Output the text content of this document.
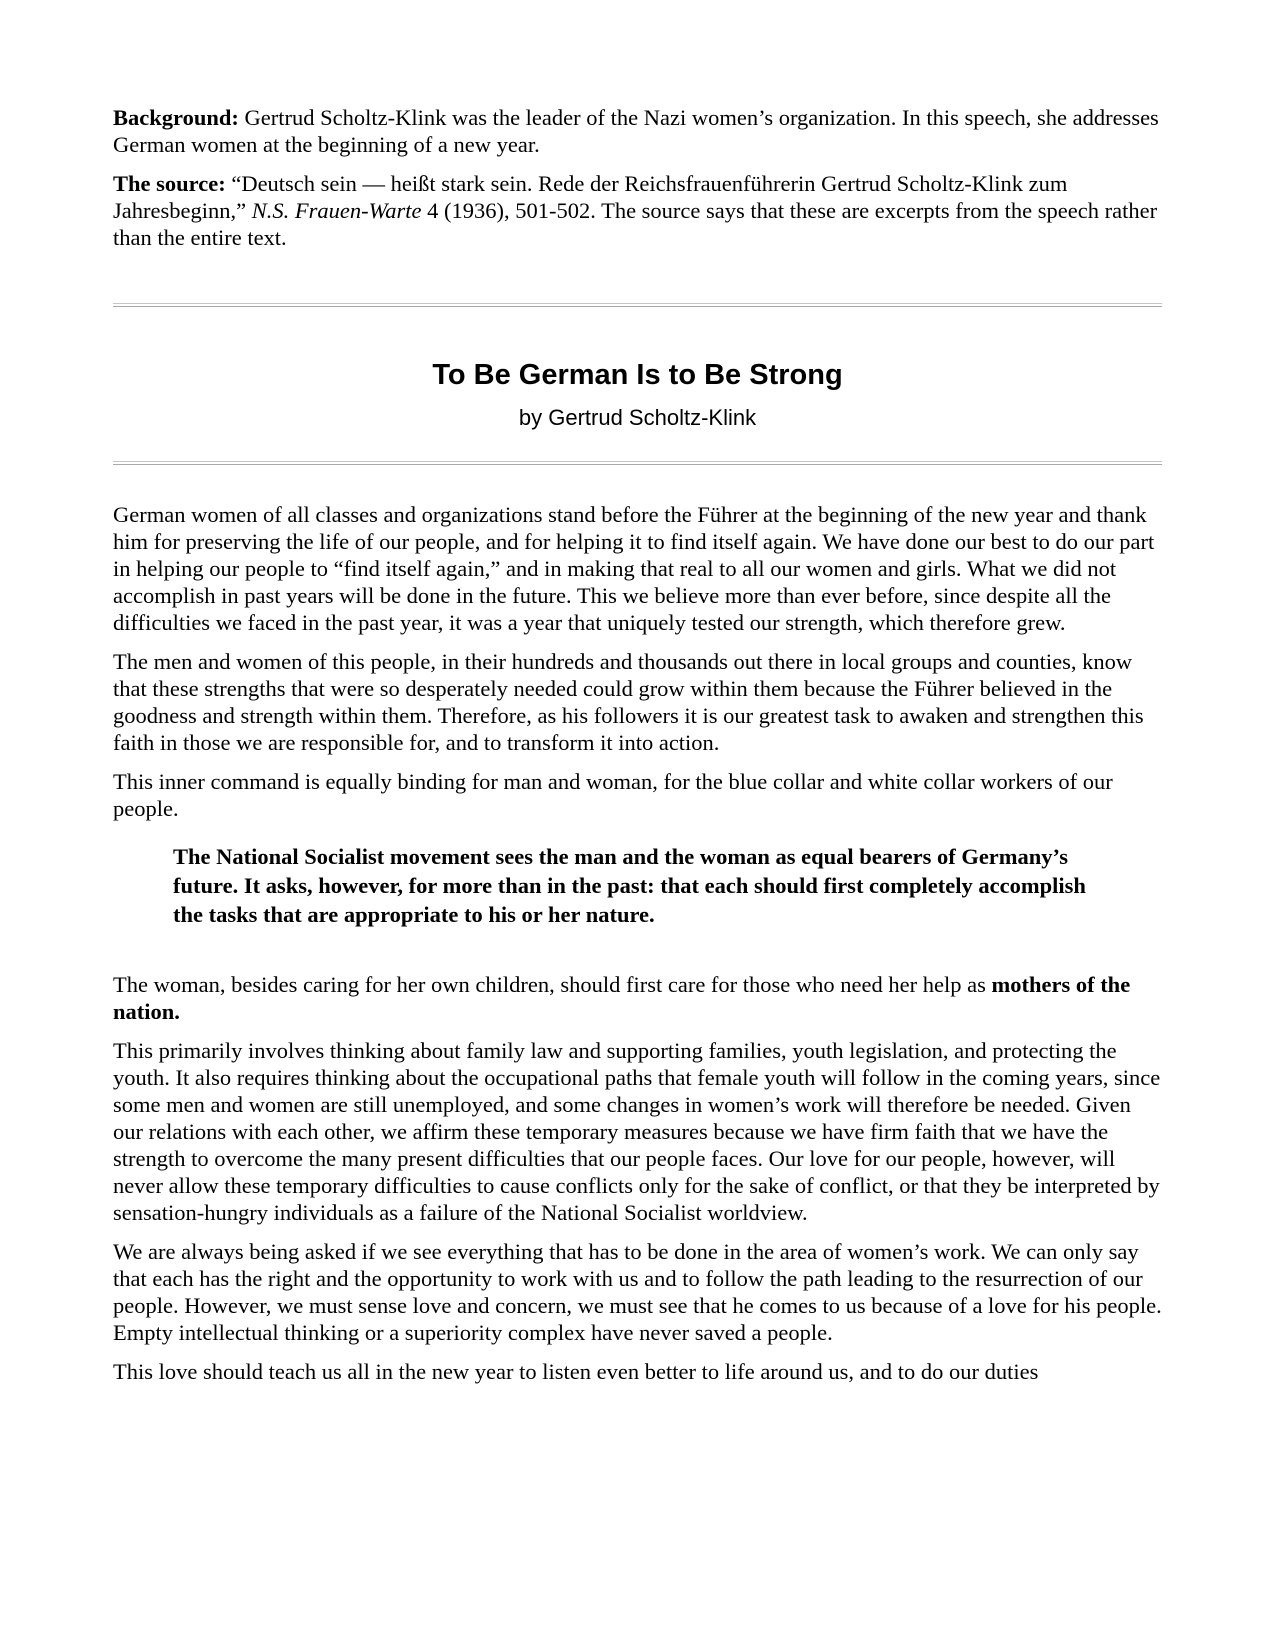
Background: Gertrud Scholtz-Klink was the leader of the Nazi women’s organization. In this speech, she addresses German women at the beginning of a new year.

The source: “Deutsch sein — heißt stark sein. Rede der Reichsfrauenführerin Gertrud Scholtz-Klink zum Jahresbeginn,” N.S. Frauen-Warte 4 (1936), 501-502. The source says that these are excerpts from the speech rather than the entire text.

To Be German Is to Be Strong
by Gertrud Scholtz-Klink

German women of all classes and organizations stand before the Führer at the beginning of the new year and thank him for preserving the life of our people, and for helping it to find itself again. We have done our best to do our part in helping our people to “find itself again,” and in making that real to all our women and girls. What we did not accomplish in past years will be done in the future. This we believe more than ever before, since despite all the difficulties we faced in the past year, it was a year that uniquely tested our strength, which therefore grew.

The men and women of this people, in their hundreds and thousands out there in local groups and counties, know that these strengths that were so desperately needed could grow within them because the Führer believed in the goodness and strength within them. Therefore, as his followers it is our greatest task to awaken and strengthen this faith in those we are responsible for, and to transform it into action.

This inner command is equally binding for man and woman, for the blue collar and white collar workers of our people.

The National Socialist movement sees the man and the woman as equal bearers of Germany’s future. It asks, however, for more than in the past: that each should first completely accomplish the tasks that are appropriate to his or her nature.

The woman, besides caring for her own children, should first care for those who need her help as mothers of the nation.

This primarily involves thinking about family law and supporting families, youth legislation, and protecting the youth. It also requires thinking about the occupational paths that female youth will follow in the coming years, since some men and women are still unemployed, and some changes in women’s work will therefore be needed. Given our relations with each other, we affirm these temporary measures because we have firm faith that we have the strength to overcome the many present difficulties that our people faces. Our love for our people, however, will never allow these temporary difficulties to cause conflicts only for the sake of conflict, or that they be interpreted by sensation-hungry individuals as a failure of the National Socialist worldview.

We are always being asked if we see everything that has to be done in the area of women’s work. We can only say that each has the right and the opportunity to work with us and to follow the path leading to the resurrection of our people. However, we must sense love and concern, we must see that he comes to us because of a love for his people. Empty intellectual thinking or a superiority complex have never saved a people.

This love should teach us all in the new year to listen even better to life around us, and to do our duties
